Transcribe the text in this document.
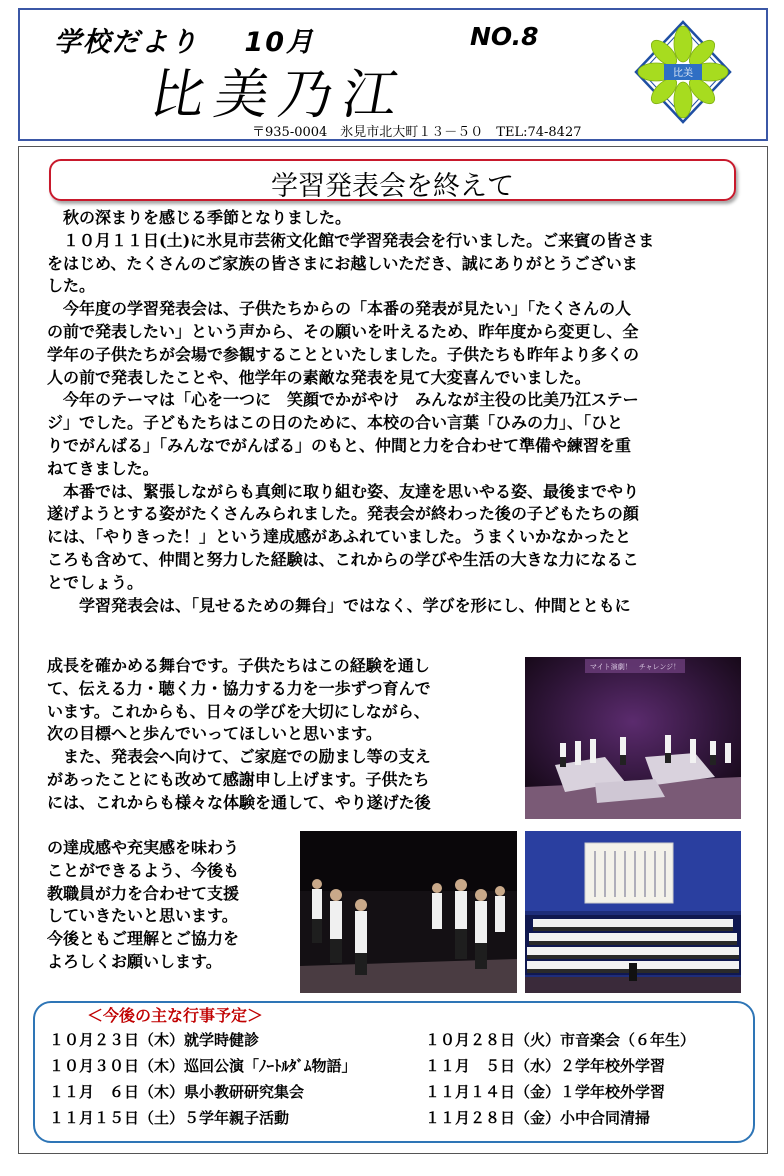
学校だより 10月	NO.8
比美乃江
〒935-0004　氷見市北大町１３－５０　TEL:74-8427
比美
学習発表会を終えて
　秋の深まりを感じる季節となりました。
　１０月１１日(土)に氷見市芸術文化館で学習発表会を行いました。ご来賓の皆さま
をはじめ、たくさんのご家族の皆さまにお越しいただき、誠にありがとうございま
した。
　今年度の学習発表会は、子供たちからの「本番の発表が見たい」「たくさんの人
の前で発表したい」という声から、その願いを叶えるため、昨年度から変更し、全
学年の子供たちが会場で参観することといたしました。子供たちも昨年より多くの
人の前で発表したことや、他学年の素敵な発表を見て大変喜んでいました。
　今年のテーマは「心を一つに　笑顔でかがやけ　みんなが主役の比美乃江ステー
ジ」でした。子どもたちはこの日のために、本校の合い言葉「ひみの力」、「ひと
りでがんばる」「みんなでがんばる」のもと、仲間と力を合わせて準備や練習を重
ねてきました。
　本番では、緊張しながらも真剣に取り組む姿、友達を思いやる姿、最後までやり
遂げようとする姿がたくさんみられました。発表会が終わった後の子どもたちの顔
には、「やりきった！」という達成感があふれていました。うまくいかなかったと
ころも含めて、仲間と努力した経験は、これからの学びや生活の大きな力になるこ
とでしょう。
　　学習発表会は、「見せるための舞台」ではなく、学びを形にし、仲間とともに
成長を確かめる舞台です。子供たちはこの経験を通し
て、伝える力・聴く力・協力する力を一歩ずつ育んで
います。これからも、日々の学びを大切にしながら、
次の目標へと歩んでいってほしいと思います。
　また、発表会へ向けて、ご家庭での励まし等の支え
があったことにも改めて感謝申し上げます。子供たち
には、これからも様々な体験を通して、やり遂げた後
の達成感や充実感を味わう
ことができるよう、今後も
教職員が力を合わせて支援
していきたいと思います。
今後ともご理解とご協力を
よろしくお願いします。
マイト演劇！　チャレンジ！
＜今後の主な行事予定＞
１０月２３日（木）就学時健診
１０月３０日（木）巡回公演「ﾉｰﾄﾙﾀﾞﾑ物語」
１１月　６日（木）県小教研研究集会
１１月１５日（土）５学年親子活動
１０月２８日（火）市音楽会（６年生）
１１月　５日（水）２学年校外学習
１１月１４日（金）１学年校外学習
１１月２８日（金）小中合同清掃
